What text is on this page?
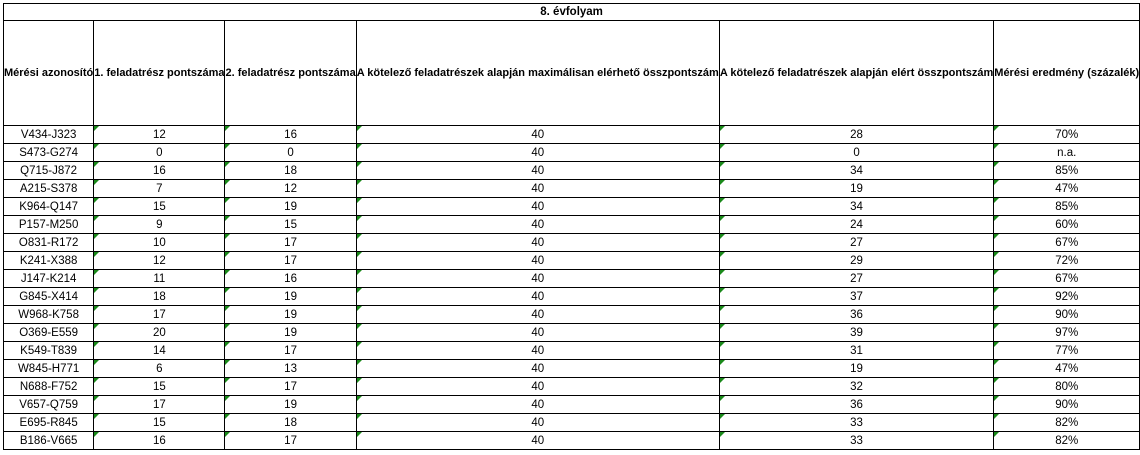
8. évfolyam					
Mérési azonosító	1. feladatrész pontszáma	2. feladatrész pontszáma	A kötelező feladatrészek alapján maximálisan elérhető összpontszám	A kötelező feladatrészek alapján elért összpontszám	Mérési eredmény (százalék)
V434-J323	12	16	40	28	70%
S473-G274	0	0	40	0	n.a.
Q715-J872	16	18	40	34	85%
A215-S378	7	12	40	19	47%
K964-Q147	15	19	40	34	85%
P157-M250	9	15	40	24	60%
O831-R172	10	17	40	27	67%
K241-X388	12	17	40	29	72%
J147-K214	11	16	40	27	67%
G845-X414	18	19	40	37	92%
W968-K758	17	19	40	36	90%
O369-E559	20	19	40	39	97%
K549-T839	14	17	40	31	77%
W845-H771	6	13	40	19	47%
N688-F752	15	17	40	32	80%
V657-Q759	17	19	40	36	90%
E695-R845	15	18	40	33	82%
B186-V665	16	17	40	33	82%
